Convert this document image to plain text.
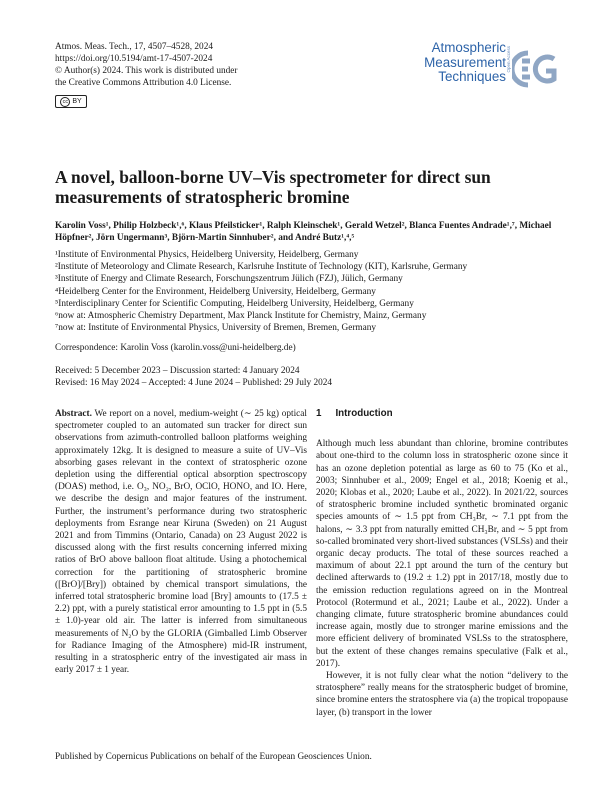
Atmos. Meas. Tech., 17, 4507–4528, 2024
https://doi.org/10.5194/amt-17-4507-2024
© Author(s) 2024. This work is distributed under
the Creative Commons Attribution 4.0 License.
cc BY
Atmospheric
Measurement
Techniques
Open Access
A novel, balloon-borne UV–Vis spectrometer for direct sun measurements of stratospheric bromine
Karolin Voss¹, Philip Holzbeck¹,⁶, Klaus Pfeilsticker¹, Ralph Kleinschek¹, Gerald Wetzel², Blanca Fuentes Andrade¹,⁷, Michael Höpfner², Jörn Ungermann³, Björn-Martin Sinnhuber², and André Butz¹,⁴,⁵
¹Institute of Environmental Physics, Heidelberg University, Heidelberg, Germany
²Institute of Meteorology and Climate Research, Karlsruhe Institute of Technology (KIT), Karlsruhe, Germany
³Institute of Energy and Climate Research, Forschungszentrum Jülich (FZJ), Jülich, Germany
⁴Heidelberg Center for the Environment, Heidelberg University, Heidelberg, Germany
⁵Interdisciplinary Center for Scientific Computing, Heidelberg University, Heidelberg, Germany
⁶now at: Atmospheric Chemistry Department, Max Planck Institute for Chemistry, Mainz, Germany
⁷now at: Institute of Environmental Physics, University of Bremen, Bremen, Germany
Correspondence: Karolin Voss (karolin.voss@uni-heidelberg.de)
Received: 5 December 2023 – Discussion started: 4 January 2024
Revised: 16 May 2024 – Accepted: 4 June 2024 – Published: 29 July 2024

Abstract. We report on a novel, medium-weight (∼ 25 kg) optical spectrometer coupled to an automated sun tracker for direct sun observations from azimuth-controlled balloon platforms weighing approximately 12kg. It is designed to measure a suite of UV–Vis absorbing gases relevant in the context of stratospheric ozone depletion using the differential optical absorption spectroscopy (DOAS) method, i.e. O₃, NO₂, BrO, OClO, HONO, and IO. Here, we describe the design and major features of the instrument. Further, the instrument’s performance during two stratospheric deployments from Esrange near Kiruna (Sweden) on 21 August 2021 and from Timmins (Ontario, Canada) on 23 August 2022 is discussed along with the first results concerning inferred mixing ratios of BrO above balloon float altitude. Using a photochemical correction for the partitioning of stratospheric bromine ([BrO]/[Bry]) obtained by chemical transport simulations, the inferred total stratospheric bromine load [Bry] amounts to (17.5 ± 2.2) ppt, with a purely statistical error amounting to 1.5 ppt in (5.5 ± 1.0)-year old air. The latter is inferred from simultaneous measurements of N₂O by the GLORIA (Gimballed Limb Observer for Radiance Imaging of the Atmosphere) mid-IR instrument, resulting in a stratospheric entry of the investigated air mass in early 2017 ± 1 year.

1 Introduction

Although much less abundant than chlorine, bromine contributes about one-third to the column loss in stratospheric ozone since it has an ozone depletion potential as large as 60 to 75 (Ko et al., 2003; Sinnhuber et al., 2009; Engel et al., 2018; Koenig et al., 2020; Klobas et al., 2020; Laube et al., 2022). In 2021/22, sources of stratospheric bromine included synthetic brominated organic species amounts of ∼ 1.5 ppt from CH₃Br, ∼ 7.1 ppt from the halons, ∼ 3.3 ppt from naturally emitted CH₃Br, and ∼ 5 ppt from so-called brominated very short-lived substances (VSLSs) and their organic decay products. The total of these sources reached a maximum of about 22.1 ppt around the turn of the century but declined afterwards to (19.2 ± 1.2) ppt in 2017/18, mostly due to the emission reduction regulations agreed on in the Montreal Protocol (Rotermund et al., 2021; Laube et al., 2022). Under a changing climate, future stratospheric bromine abundances could increase again, mostly due to stronger marine emissions and the more efficient delivery of brominated VSLSs to the stratosphere, but the extent of these changes remains speculative (Falk et al., 2017).

However, it is not fully clear what the notion “delivery to the stratosphere” really means for the stratospheric budget of bromine, since bromine enters the stratosphere via (a) the tropical tropopause layer, (b) transport in the lower

Published by Copernicus Publications on behalf of the European Geosciences Union.
